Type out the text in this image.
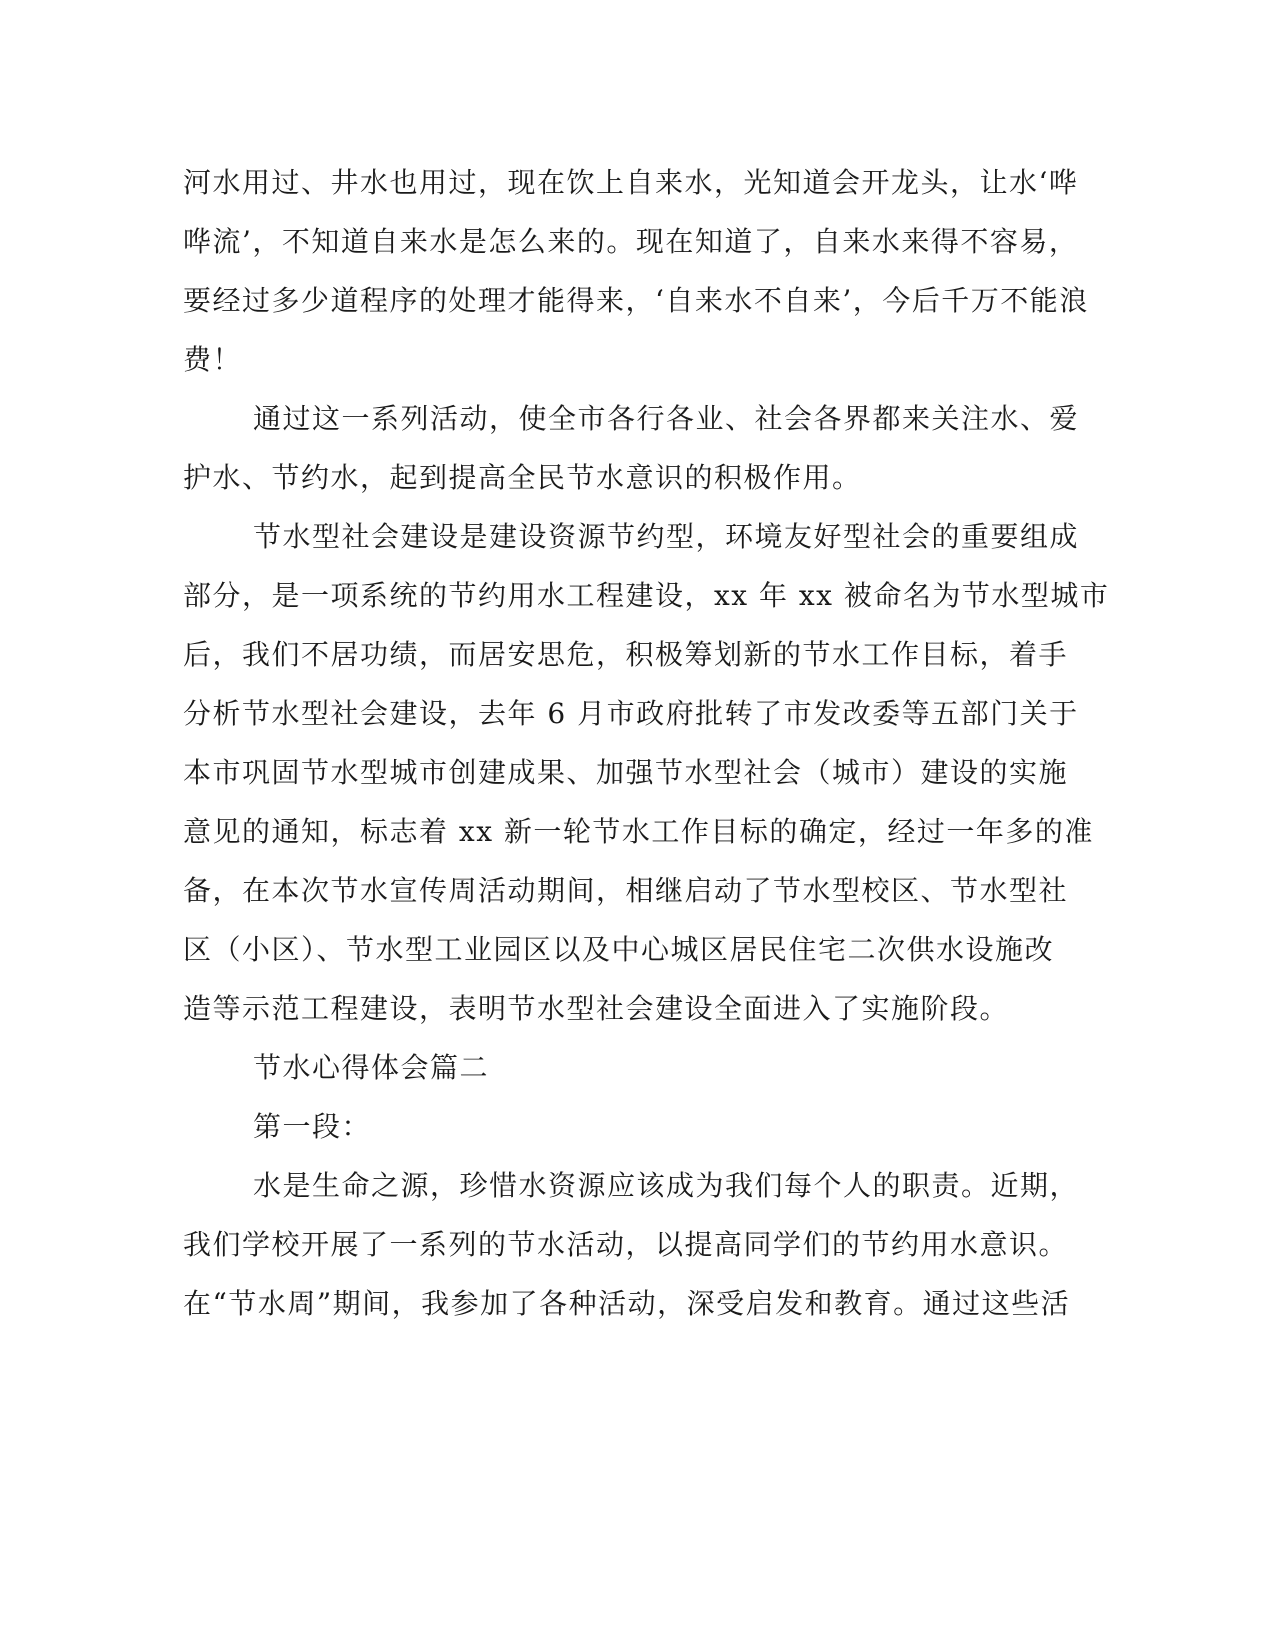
河水用过、井水也用过，现在饮上自来水，光知道会开龙头，让水‘哗
哗流’，不知道自来水是怎么来的。现在知道了，自来水来得不容易，
要经过多少道程序的处理才能得来，‘自来水不自来’，今后千万不能浪
费！
通过这一系列活动，使全市各行各业、社会各界都来关注水、爱
护水、节约水，起到提高全民节水意识的积极作用。
节水型社会建设是建设资源节约型，环境友好型社会的重要组成
部分，是一项系统的节约用水工程建设，xx 年 xx 被命名为节水型城市
后，我们不居功绩，而居安思危，积极筹划新的节水工作目标，着手
分析节水型社会建设，去年 6 月市政府批转了市发改委等五部门关于
本市巩固节水型城市创建成果、加强节水型社会（城市）建设的实施
意见的通知，标志着 xx 新一轮节水工作目标的确定，经过一年多的准
备，在本次节水宣传周活动期间，相继启动了节水型校区、节水型社
区（小区）、节水型工业园区以及中心城区居民住宅二次供水设施改
造等示范工程建设，表明节水型社会建设全面进入了实施阶段。
节水心得体会篇二
第一段：
水是生命之源，珍惜水资源应该成为我们每个人的职责。近期，
我们学校开展了一系列的节水活动，以提高同学们的节约用水意识。
在“节水周”期间，我参加了各种活动，深受启发和教育。通过这些活
